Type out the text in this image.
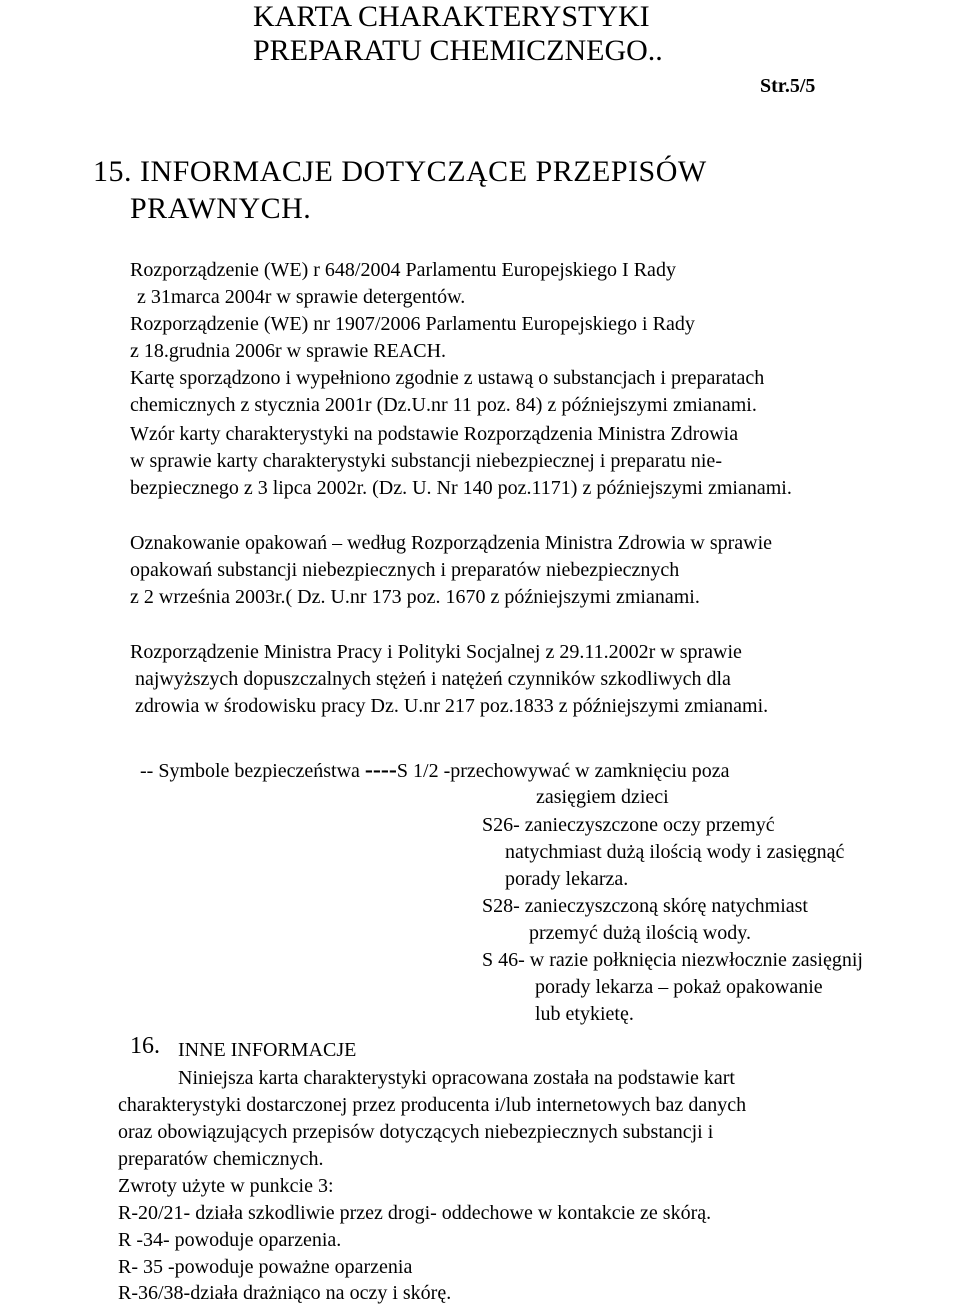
KARTA CHARAKTERYSTYKI
PREPARATU CHEMICZNEGO..
Str.5/5
15. INFORMACJE DOTYCZĄCE PRZEPISÓW
PRAWNYCH.
Rozporządzenie (WE) r 648/2004 Parlamentu Europejskiego I Rady
z 31marca 2004r w sprawie detergentów.
Rozporządzenie (WE) nr 1907/2006 Parlamentu Europejskiego i Rady
z 18.grudnia 2006r w sprawie REACH.
Kartę sporządzono i wypełniono zgodnie z ustawą o substancjach i preparatach
chemicznych z stycznia 2001r (Dz.U.nr 11 poz. 84) z późniejszymi zmianami.
Wzór karty charakterystyki na podstawie Rozporządzenia Ministra Zdrowia
w sprawie karty charakterystyki substancji niebezpiecznej i preparatu nie-
bezpiecznego z 3 lipca 2002r. (Dz. U. Nr 140 poz.1171) z późniejszymi zmianami.
Oznakowanie opakowań – według Rozporządzenia Ministra Zdrowia w sprawie
opakowań substancji niebezpiecznych i preparatów niebezpiecznych
z 2 września 2003r.( Dz. U.nr 173 poz. 1670 z późniejszymi zmianami.
Rozporządzenie Ministra Pracy i Polityki Socjalnej z 29.11.2002r w sprawie
najwyższych dopuszczalnych stężeń i natężeń czynników szkodliwych dla
zdrowia w środowisku pracy Dz. U.nr 217 poz.1833 z późniejszymi zmianami.
-- Symbole bezpieczeństwa ----S 1/2 -przechowywać w zamknięciu poza
zasięgiem dzieci
S26- zanieczyszczone oczy przemyć
natychmiast dużą ilością wody i zasięgnąć
porady lekarza.
S28- zanieczyszczoną skórę natychmiast
przemyć dużą ilością wody.
S 46- w razie połknięcia niezwłocznie zasięgnij
porady lekarza – pokaż opakowanie
lub etykietę.
16. INNE INFORMACJE
Niniejsza karta charakterystyki opracowana została na podstawie kart
charakterystyki dostarczonej przez producenta i/lub internetowych baz danych
oraz obowiązujących przepisów dotyczących niebezpiecznych substancji i
preparatów chemicznych.
Zwroty użyte w punkcie 3:
R-20/21- działa szkodliwie przez drogi- oddechowe w kontakcie ze skórą.
R -34- powoduje oparzenia.
R- 35 -powoduje poważne oparzenia
R-36/38-działa drażniąco na oczy i skórę.
